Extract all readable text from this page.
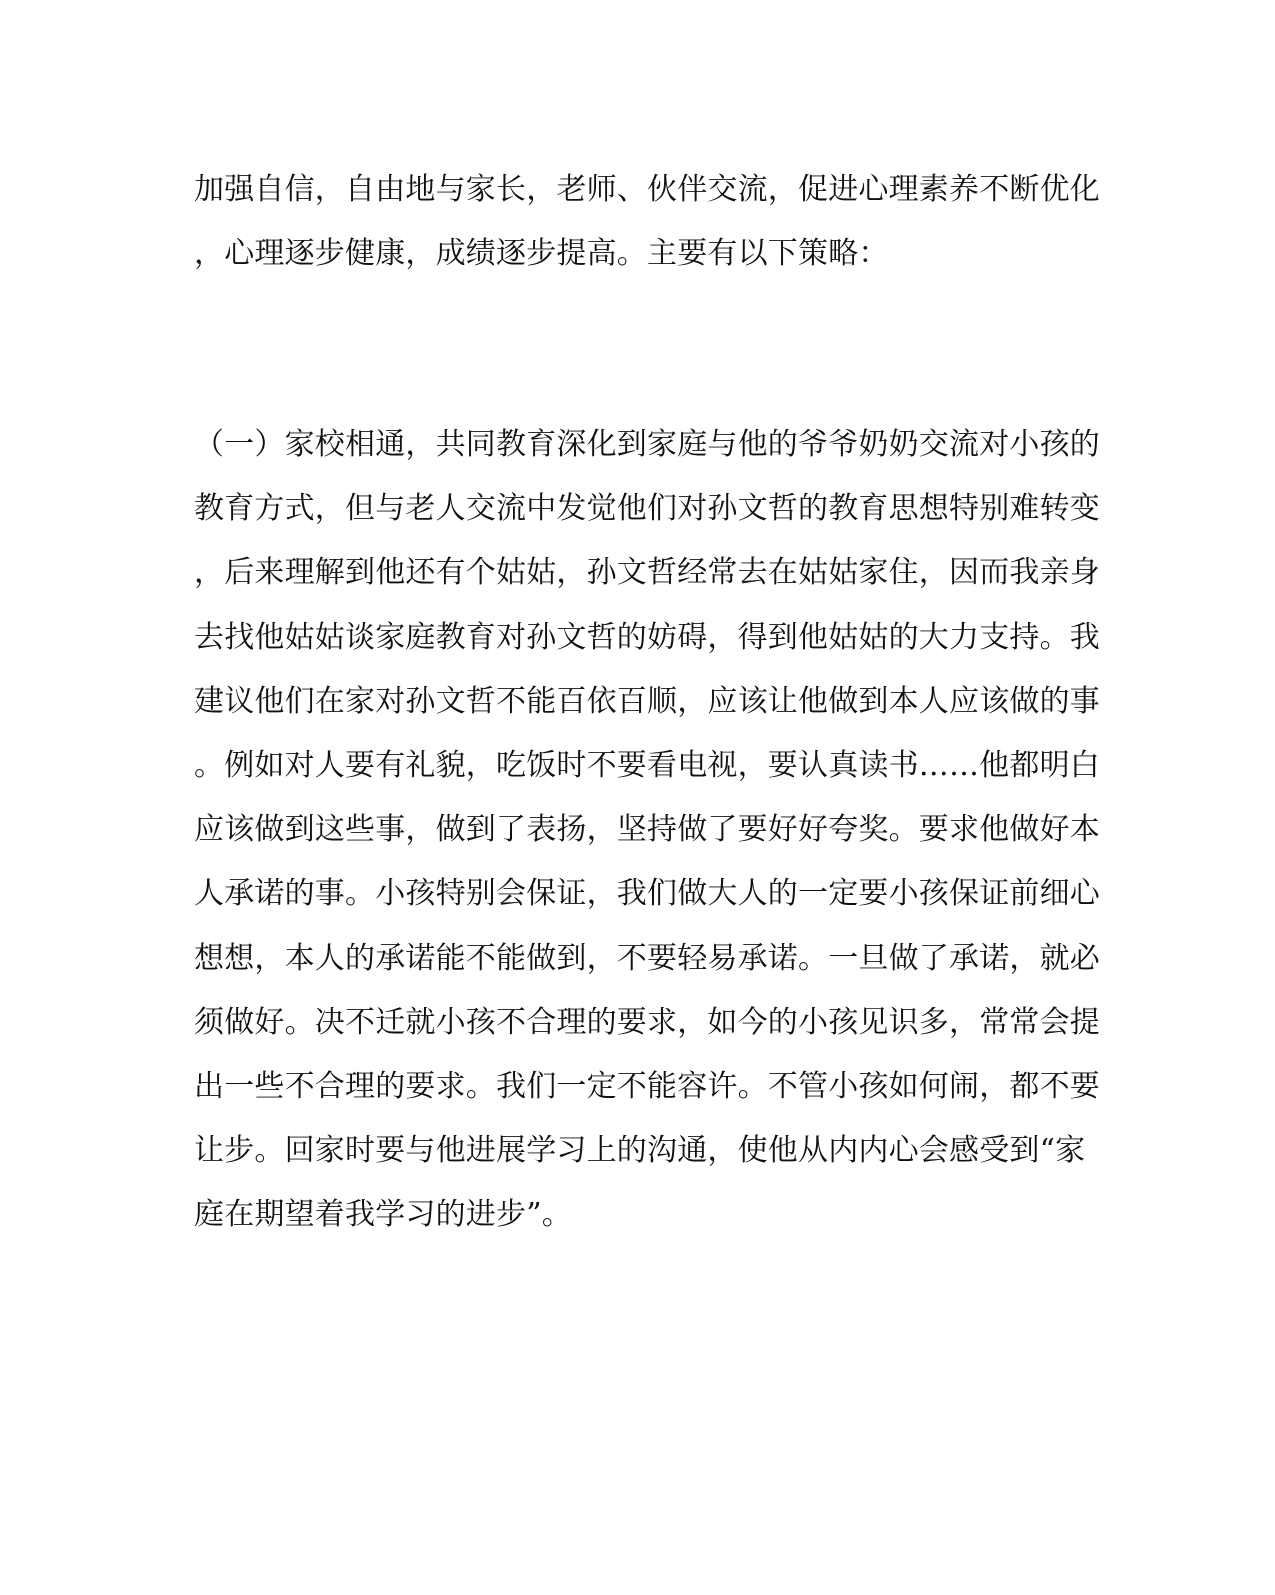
加强自信，自由地与家长，老师、伙伴交流，促进心理素养不断优化
，心理逐步健康，成绩逐步提高。主要有以下策略：
（一）家校相通，共同教育深化到家庭与他的爷爷奶奶交流对小孩的
教育方式，但与老人交流中发觉他们对孙文哲的教育思想特别难转变
，后来理解到他还有个姑姑，孙文哲经常去在姑姑家住，因而我亲身
去找他姑姑谈家庭教育对孙文哲的妨碍，得到他姑姑的大力支持。我
建议他们在家对孙文哲不能百依百顺，应该让他做到本人应该做的事
。例如对人要有礼貌，吃饭时不要看电视，要认真读书……他都明白
应该做到这些事，做到了表扬，坚持做了要好好夸奖。要求他做好本
人承诺的事。小孩特别会保证，我们做大人的一定要小孩保证前细心
想想，本人的承诺能不能做到，不要轻易承诺。一旦做了承诺，就必
须做好。决不迁就小孩不合理的要求，如今的小孩见识多，常常会提
出一些不合理的要求。我们一定不能容许。不管小孩如何闹，都不要
让步。回家时要与他进展学习上的沟通，使他从内内心会感受到“家
庭在期望着我学习的进步”。
